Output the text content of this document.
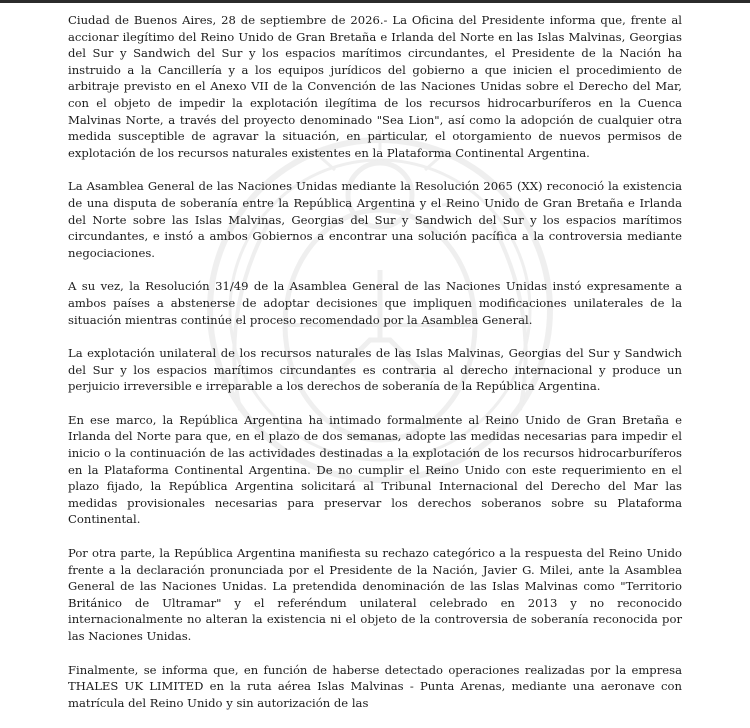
Ciudad de Buenos Aires, 28 de septiembre de 2026.- La Oficina del Presidente informa que, frente al accionar ilegítimo del Reino Unido de Gran Bretaña e Irlanda del Norte en las Islas Malvinas, Georgias del Sur y Sandwich del Sur y los espacios marítimos circundantes, el Presidente de la Nación ha instruido a la Cancillería y a los equipos jurídicos del gobierno a que inicien el procedimiento de arbitraje previsto en el Anexo VII de la Convención de las Naciones Unidas sobre el Derecho del Mar, con el objeto de impedir la explotación ilegítima de los recursos hidrocarburíferos en la Cuenca Malvinas Norte, a través del proyecto denominado "Sea Lion", así como la adopción de cualquier otra medida susceptible de agravar la situación, en particular, el otorgamiento de nuevos permisos de explotación de los recursos naturales existentes en la Plataforma Continental Argentina.

La Asamblea General de las Naciones Unidas mediante la Resolución 2065 (XX) reconoció la existencia de una disputa de soberanía entre la República Argentina y el Reino Unido de Gran Bretaña e Irlanda del Norte sobre las Islas Malvinas, Georgias del Sur y Sandwich del Sur y los espacios marítimos circundantes, e instó a ambos Gobiernos a encontrar una solución pacífica a la controversia mediante negociaciones.

A su vez, la Resolución 31/49 de la Asamblea General de las Naciones Unidas instó expresamente a ambos países a abstenerse de adoptar decisiones que impliquen modificaciones unilaterales de la situación mientras continúe el proceso recomendado por la Asamblea General.

La explotación unilateral de los recursos naturales de las Islas Malvinas, Georgias del Sur y Sandwich del Sur y los espacios marítimos circundantes es contraria al derecho internacional y produce un perjuicio irreversible e irreparable a los derechos de soberanía de la República Argentina.

En ese marco, la República Argentina ha intimado formalmente al Reino Unido de Gran Bretaña e Irlanda del Norte para que, en el plazo de dos semanas, adopte las medidas necesarias para impedir el inicio o la continuación de las actividades destinadas a la explotación de los recursos hidrocarburíferos en la Plataforma Continental Argentina. De no cumplir el Reino Unido con este requerimiento en el plazo fijado, la República Argentina solicitará al Tribunal Internacional del Derecho del Mar las medidas provisionales necesarias para preservar los derechos soberanos sobre su Plataforma Continental.

Por otra parte, la República Argentina manifiesta su rechazo categórico a la respuesta del Reino Unido frente a la declaración pronunciada por el Presidente de la Nación, Javier G. Milei, ante la Asamblea General de las Naciones Unidas. La pretendida denominación de las Islas Malvinas como "Territorio Británico de Ultramar" y el referéndum unilateral celebrado en 2013 y no reconocido internacionalmente no alteran la existencia ni el objeto de la controversia de soberanía reconocida por las Naciones Unidas.

Finalmente, se informa que, en función de haberse detectado operaciones realizadas por la empresa THALES UK LIMITED en la ruta aérea Islas Malvinas - Punta Arenas, mediante una aeronave con matrícula del Reino Unido y sin autorización de las
